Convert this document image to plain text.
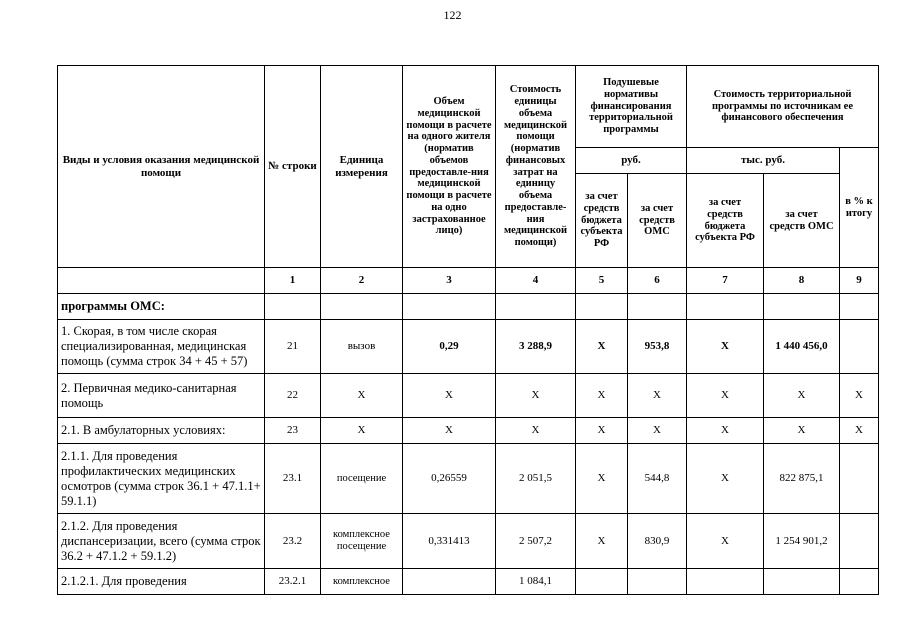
122
Виды и условия оказания медицинской помощи	№ строки	Единица измерения	Объем медицинской помощи в расчете на одного жителя (норматив объемов предоставле-ния медицинской помощи в расчете на одно застрахованное лицо)	Стоимость единицы объема медицинской помощи (норматив финансовых затрат на единицу объема предоставле-ния медицинской помощи)	Подушевые нормативы финансирования территориальной программы		Стоимость территориальной программы по источникам ее финансового обеспечения		
					руб.		тыс. руб.		в % к итогу
					за счет средств бюджета субъекта РФ	за счет средств ОМС	за счет средств бюджета субъекта РФ	за счет средств ОМС	
	1	2	3	4	5	6	7	8	9
программы ОМС:									
1. Скорая, в том числе скорая специализированная, медицинская помощь (сумма строк 34 + 45 + 57)	21	вызов	0,29	3 288,9	X	953,8	X	1 440 456,0	
2. Первичная медико-санитарная помощь	22	X	X	X	X	X	X	X	X
2.1. В амбулаторных условиях:	23	X	X	X	X	X	X	X	X
2.1.1. Для проведения профилактических медицинских осмотров (сумма строк 36.1 + 47.1.1+ 59.1.1)	23.1	посещение	0,26559	2 051,5	X	544,8	X	822 875,1	
2.1.2. Для проведения диспансеризации, всего (сумма строк 36.2 + 47.1.2 + 59.1.2)	23.2	комплексное посещение	0,331413	2 507,2	X	830,9	X	1 254 901,2	
2.1.2.1. Для проведения	23.2.1	комплексное		1 084,1					
